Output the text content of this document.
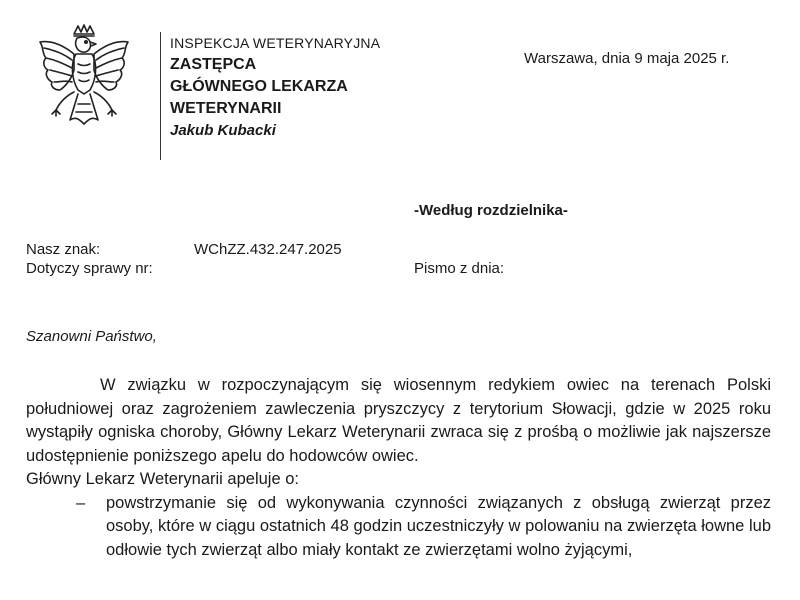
INSPEKCJA WETERYNARYJNA
ZASTĘPCA
GŁÓWNEGO LEKARZA
WETERYNARII
Jakub Kubacki
Warszawa, dnia 9 maja 2025 r.
-Według rozdzielnika-
Nasz znak:	WChZZ.432.247.2025
Dotyczy sprawy nr:	Pismo z dnia:
Szanowni Państwo,

W związku w rozpoczynającym się wiosennym redykiem owiec na terenach Polski południowej oraz zagrożeniem zawleczenia pryszczycy z terytorium Słowacji, gdzie w 2025 roku wystąpiły ogniska choroby, Główny Lekarz Weterynarii zwraca się z prośbą o możliwie jak najszersze udostępnienie poniższego apelu do hodowców owiec.

Główny Lekarz Weterynarii apeluje o:

– powstrzymanie się od wykonywania czynności związanych z obsługą zwierząt przez osoby, które w ciągu ostatnich 48 godzin uczestniczyły w polowaniu na zwierzęta łowne lub odłowie tych zwierząt albo miały kontakt ze zwierzętami wolno żyjącymi,
